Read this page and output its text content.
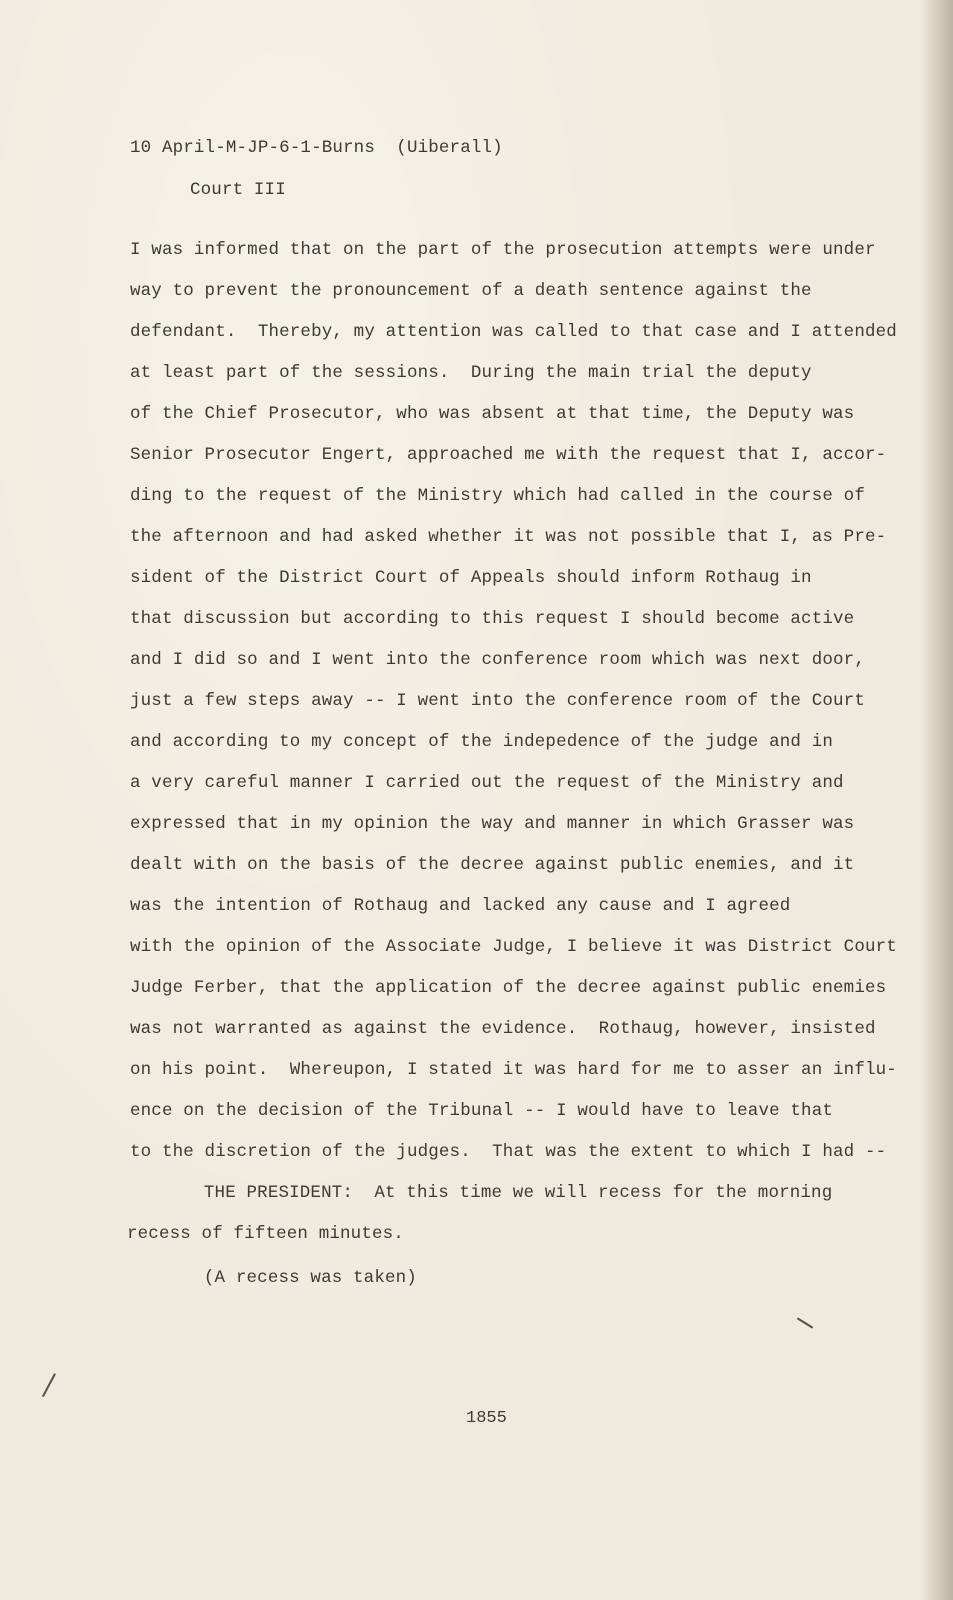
10 April-M-JP-6-1-Burns  (Uiberall)
Court III
I was informed that on the part of the prosecution attempts were under
way to prevent the pronouncement of a death sentence against the
defendant.  Thereby, my attention was called to that case and I attended
at least part of the sessions.  During the main trial the deputy
of the Chief Prosecutor, who was absent at that time, the Deputy was
Senior Prosecutor Engert, approached me with the request that I, accor-
ding to the request of the Ministry which had called in the course of
the afternoon and had asked whether it was not possible that I, as Pre-
sident of the District Court of Appeals should inform Rothaug in
that discussion but according to this request I should become active
and I did so and I went into the conference room which was next door,
just a few steps away -- I went into the conference room of the Court
and according to my concept of the indepedence of the judge and in
a very careful manner I carried out the request of the Ministry and
expressed that in my opinion the way and manner in which Grasser was
dealt with on the basis of the decree against public enemies, and it
was the intention of Rothaug and lacked any cause and I agreed
with the opinion of the Associate Judge, I believe it was District Court
Judge Ferber, that the application of the decree against public enemies
was not warranted as against the evidence.  Rothaug, however, insisted
on his point.  Whereupon, I stated it was hard for me to asser an influ-
ence on the decision of the Tribunal -- I would have to leave that
to the discretion of the judges.  That was the extent to which I had --
THE PRESIDENT:  At this time we will recess for the morning
recess of fifteen minutes.
(A recess was taken)
1855
